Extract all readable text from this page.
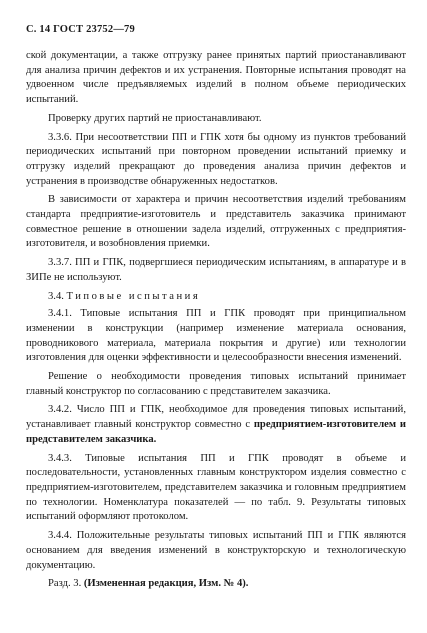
С. 14 ГОСТ 23752—79

ской документации, а также отгрузку ранее принятых партий приостанавливают для анализа причин дефектов и их устранения. Повторные испытания проводят на удвоенном числе предъявляемых изделий в полном объеме периодических испытаний.

Проверку других партий не приостанавливают.

3.3.6. При несоответствии ПП и ГПК хотя бы одному из пунктов требований периодических испытаний при повторном проведении испытаний приемку и отгрузку изделий прекращают до проведения анализа причин дефектов и устранения в производстве обнаруженных недостатков.

В зависимости от характера и причин несоответствия изделий требованиям стандарта предприятие-изготовитель и представитель заказчика принимают совместное решение в отношении задела изделий, отгруженных с предприятия-изготовителя, и возобновления приемки.

3.3.7. ПП и ГПК, подвергшиеся периодическим испытаниям, в аппаратуре и в ЗИПе не используют.

3.4. Типовые испытания

3.4.1. Типовые испытания ПП и ГПК проводят при принципиальном изменении в конструкции (например изменение материала основания, проводникового материала, материала покрытия и другие) или технологии изготовления для оценки эффективности и целесообразности внесения изменений.

Решение о необходимости проведения типовых испытаний принимает главный конструктор по согласованию с представителем заказчика.

3.4.2. Число ПП и ГПК, необходимое для проведения типовых испытаний, устанавливает главный конструктор совместно с предприятием-изготовителем и представителем заказчика.

3.4.3. Типовые испытания ПП и ГПК проводят в объеме и последовательности, установленных главным конструктором изделия совместно с предприятием-изготовителем, представителем заказчика и головным предприятием по технологии. Номенклатура показателей — по табл. 9. Результаты типовых испытаний оформляют протоколом.

3.4.4. Положительные результаты типовых испытаний ПП и ГПК являются основанием для введения изменений в конструкторскую и технологическую документацию.

Разд. 3. (Измененная редакция, Изм. № 4).
